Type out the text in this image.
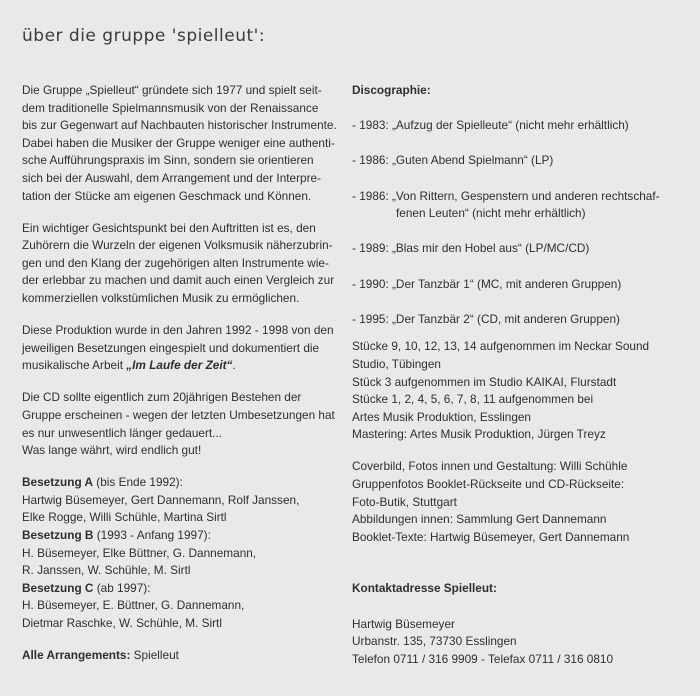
über die gruppe 'spielleut':

Die Gruppe „Spielleut“ gründete sich 1977 und spielt seit-
dem traditionelle Spielmannsmusik von der Renaissance
bis zur Gegenwart auf Nachbauten historischer Instrumente.
Dabei haben die Musiker der Gruppe weniger eine authenti-
sche Aufführungspraxis im Sinn, sondern sie orientieren
sich bei der Auswahl, dem Arrangement und der Interpre-
tation der Stücke am eigenen Geschmack und Können.

Ein wichtiger Gesichtspunkt bei den Auftritten ist es, den
Zuhörern die Wurzeln der eigenen Volksmusik näherzubrin-
gen und den Klang der zugehörigen alten Instrumente wie-
der erlebbar zu machen und damit auch einen Vergleich zur
kommerziellen volkstümlichen Musik zu ermöglichen.

Diese Produktion wurde in den Jahren 1992 - 1998 von den
jeweiligen Besetzungen eingespielt und dokumentiert die
musikalische Arbeit „Im Laufe der Zeit“.

Die CD sollte eigentlich zum 20jährigen Bestehen der
Gruppe erscheinen - wegen der letzten Umbesetzungen hat
es nur unwesentlich länger gedauert...
Was lange währt, wird endlich gut!

Besetzung A (bis Ende 1992):
Hartwig Büsemeyer, Gert Dannemann, Rolf Janssen,
Elke Rogge, Willi Schühle, Martina Sirtl
Besetzung B (1993 - Anfang 1997):
H. Büsemeyer, Elke Büttner, G. Dannemann,
R. Janssen, W. Schühle, M. Sirtl
Besetzung C (ab 1997):
H. Büsemeyer, E. Büttner, G. Dannemann,
Dietmar Raschke, W. Schühle, M. Sirtl

Alle Arrangements: Spielleut

Discographie:

- 1983: „Aufzug der Spielleute“ (nicht mehr erhältlich)
- 1986: „Guten Abend Spielmann“ (LP)
- 1986: „Von Rittern, Gespenstern und anderen rechtschaf-
fenen Leuten“ (nicht mehr erhältlich)
- 1989: „Blas mir den Hobel aus“ (LP/MC/CD)
- 1990: „Der Tanzbär 1“ (MC, mit anderen Gruppen)
- 1995: „Der Tanzbär 2“ (CD, mit anderen Gruppen)

Stücke 9, 10, 12, 13, 14 aufgenommen im Neckar Sound
Studio, Tübingen
Stück 3 aufgenommen im Studio KAIKAI, Flurstadt
Stücke 1, 2, 4, 5, 6, 7, 8, 11 aufgenommen bei
Artes Musik Produktion, Esslingen
Mastering: Artes Musik Produktion, Jürgen Treyz

Coverbild, Fotos innen und Gestaltung: Willi Schühle
Gruppenfotos Booklet-Rückseite und CD-Rückseite:
Foto-Butik, Stuttgart
Abbildungen innen: Sammlung Gert Dannemann
Booklet-Texte: Hartwig Büsemeyer, Gert Dannemann

Kontaktadresse Spielleut:

Hartwig Büsemeyer
Urbanstr. 135, 73730 Esslingen
Telefon 0711 / 316 9909 - Telefax 0711 / 316 0810
